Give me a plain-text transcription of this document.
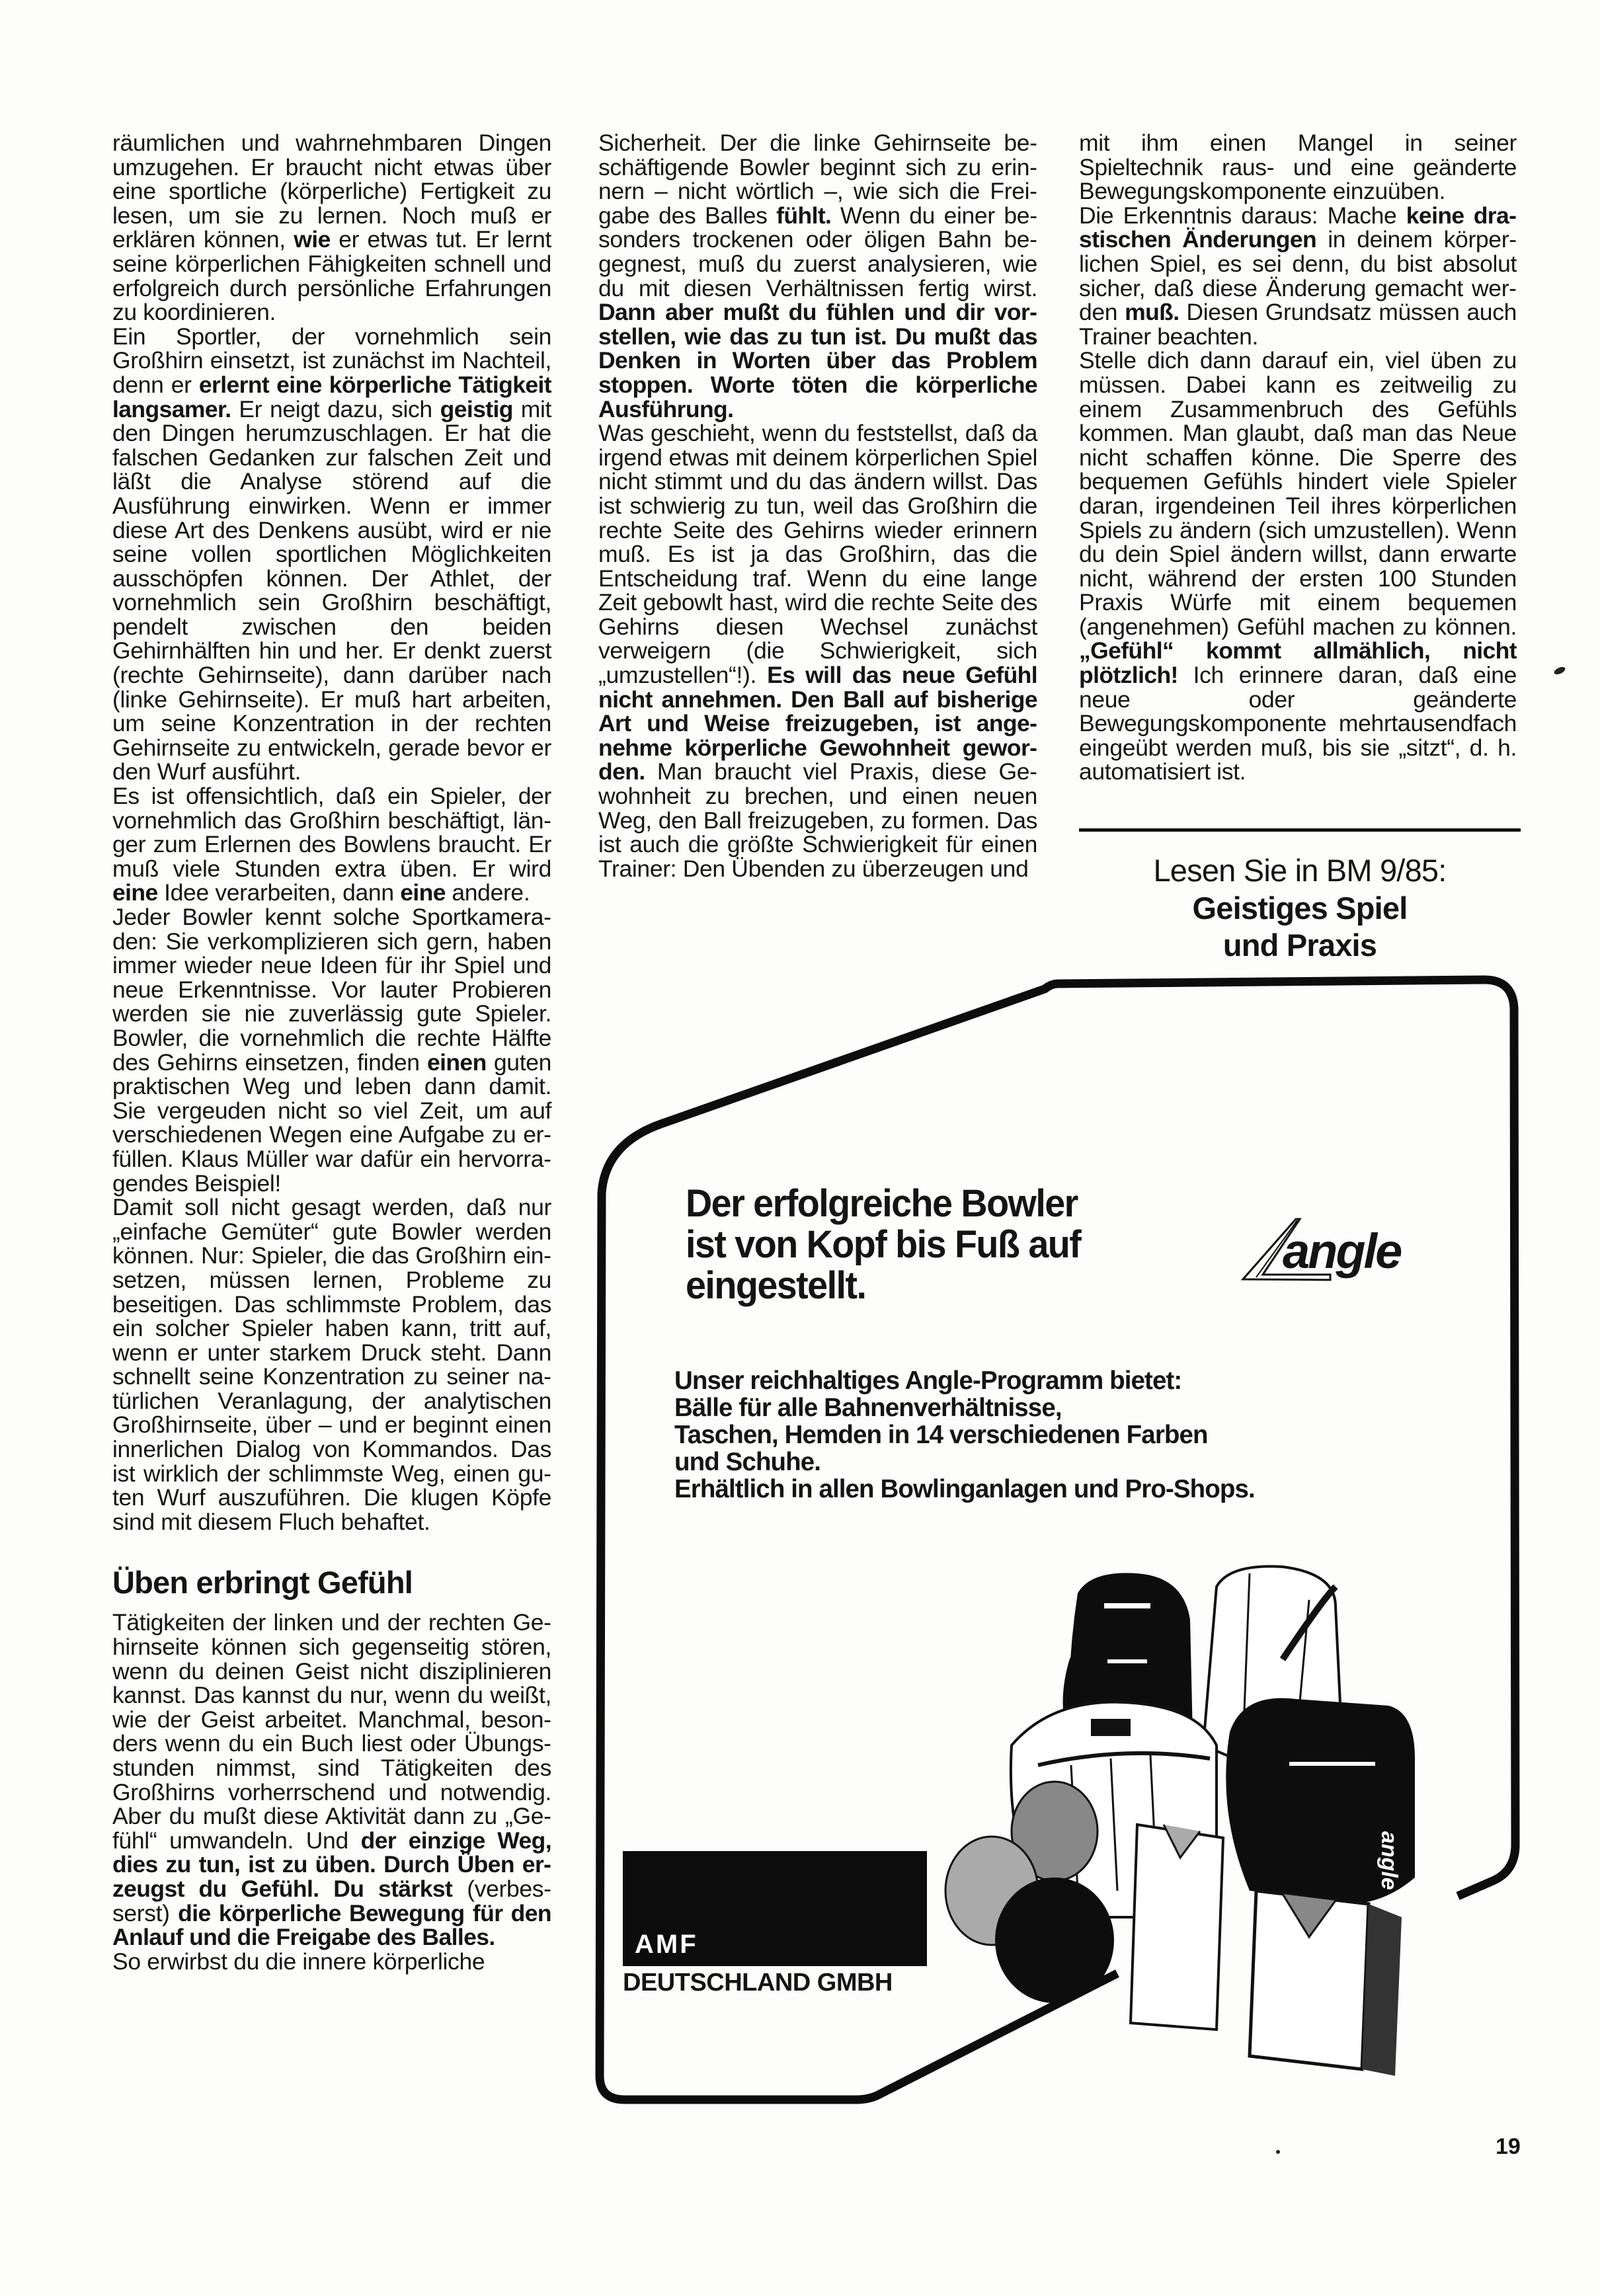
räumlichen und wahrnehmbaren Dingen umzugehen. Er braucht nicht etwas über eine sportliche (körperliche) Fertigkeit zu lesen, um sie zu lernen. Noch muß er erklären können, wie er etwas tut. Er lernt seine körperlichen Fähigkeiten schnell und erfolgreich durch persönliche Erfahrungen zu koordinieren.

Ein Sportler, der vornehmlich sein Großhirn einsetzt, ist zunächst im Nachteil, denn er erlernt eine körperliche Tätigkeit langsamer. Er neigt dazu, sich geistig mit den Dingen herumzuschlagen. Er hat die falschen Gedanken zur falschen Zeit und läßt die Analyse störend auf die Ausführung einwirken. Wenn er immer diese Art des Denkens ausübt, wird er nie seine vollen sportlichen Möglichkeiten ausschöpfen können. Der Athlet, der vornehmlich sein Großhirn beschäftigt, pendelt zwischen den beiden Gehirnhälften hin und her. Er denkt zuerst (rechte Gehirnseite), dann darüber nach (linke Gehirnseite). Er muß hart arbeiten, um seine Konzentration in der rechten Gehirnseite zu entwickeln, gerade bevor er den Wurf ausführt.

Es ist offensichtlich, daß ein Spieler, der vornehmlich das Großhirn beschäftigt, länger zum Erlernen des Bowlens braucht. Er muß viele Stunden extra üben. Er wird eine Idee verarbeiten, dann eine andere.

Jeder Bowler kennt solche Sportkameraden: Sie verkomplizieren sich gern, haben immer wieder neue Ideen für ihr Spiel und neue Erkenntnisse. Vor lauter Probieren werden sie nie zuverlässig gute Spieler. Bowler, die vornehmlich die rechte Hälfte des Gehirns einsetzen, finden einen guten praktischen Weg und leben dann damit. Sie vergeuden nicht so viel Zeit, um auf verschiedenen Wegen eine Aufgabe zu erfüllen. Klaus Müller war dafür ein hervorragendes Beispiel!

Damit soll nicht gesagt werden, daß nur „einfache Gemüter“ gute Bowler werden können. Nur: Spieler, die das Großhirn einsetzen, müssen lernen, Probleme zu beseitigen. Das schlimmste Problem, das ein solcher Spieler haben kann, tritt auf, wenn er unter starkem Druck steht. Dann schnellt seine Konzentration zu seiner natürlichen Veranlagung, der analytischen Großhirnseite, über – und er beginnt einen innerlichen Dialog von Kommandos. Das ist wirklich der schlimmste Weg, einen guten Wurf auszuführen. Die klugen Köpfe sind mit diesem Fluch behaftet.

Üben erbringt Gefühl

Tätigkeiten der linken und der rechten Gehirnseite können sich gegenseitig stören, wenn du deinen Geist nicht disziplinieren kannst. Das kannst du nur, wenn du weißt, wie der Geist arbeitet. Manchmal, besonders wenn du ein Buch liest oder Übungsstunden nimmst, sind Tätigkeiten des Großhirns vorherrschend und notwendig. Aber du mußt diese Aktivität dann zu „Gefühl“ umwandeln. Und der einzige Weg, dies zu tun, ist zu üben. Durch Üben erzeugst du Gefühl. Du stärkst (verbesserst) die körperliche Bewegung für den Anlauf und die Freigabe des Balles.

So erwirbst du die innere körperliche

Sicherheit. Der die linke Gehirnseite beschäftigende Bowler beginnt sich zu erinnern – nicht wörtlich –, wie sich die Freigabe des Balles fühlt. Wenn du einer besonders trockenen oder öligen Bahn begegnest, muß du zuerst analysieren, wie du mit diesen Verhältnissen fertig wirst. Dann aber mußt du fühlen und dir vorstellen, wie das zu tun ist. Du mußt das Denken in Worten über das Problem stoppen. Worte töten die körperliche Ausführung.

Was geschieht, wenn du feststellst, daß da irgend etwas mit deinem körperlichen Spiel nicht stimmt und du das ändern willst. Das ist schwierig zu tun, weil das Großhirn die rechte Seite des Gehirns wieder erinnern muß. Es ist ja das Großhirn, das die Entscheidung traf. Wenn du eine lange Zeit gebowlt hast, wird die rechte Seite des Gehirns diesen Wechsel zunächst verweigern (die Schwierigkeit, sich „umzustellen“!). Es will das neue Gefühl nicht annehmen. Den Ball auf bisherige Art und Weise freizugeben, ist angenehme körperliche Gewohnheit geworden. Man braucht viel Praxis, diese Gewohnheit zu brechen, und einen neuen Weg, den Ball freizugeben, zu formen. Das ist auch die größte Schwierigkeit für einen Trainer: Den Übenden zu überzeugen und

mit ihm einen Mangel in seiner Spieltechnik raus- und eine geänderte Bewegungskomponente einzuüben.

Die Erkenntnis daraus: Mache keine drastischen Änderungen in deinem körperlichen Spiel, es sei denn, du bist absolut sicher, daß diese Änderung gemacht werden muß. Diesen Grundsatz müssen auch Trainer beachten.

Stelle dich dann darauf ein, viel üben zu müssen. Dabei kann es zeitweilig zu einem Zusammenbruch des Gefühls kommen. Man glaubt, daß man das Neue nicht schaffen könne. Die Sperre des bequemen Gefühls hindert viele Spieler daran, irgendeinen Teil ihres körperlichen Spiels zu ändern (sich umzustellen). Wenn du dein Spiel ändern willst, dann erwarte nicht, während der ersten 100 Stunden Praxis Würfe mit einem bequemen (angenehmen) Gefühl machen zu können. „Gefühl“ kommt allmählich, nicht plötzlich! Ich erinnere daran, daß eine neue oder geänderte Bewegungskomponente mehrtausendfach eingeübt werden muß, bis sie „sitzt“, d. h. automatisiert ist.

Lesen Sie in BM 9/85:
Geistiges Spiel
und Praxis
Der erfolgreiche Bowler
ist von Kopf bis Fuß auf
eingestellt.
angle
Unser reichhaltiges Angle-Programm bietet:
Bälle für alle Bahnenverhältnisse,
Taschen, Hemden in 14 verschiedenen Farben
und Schuhe.
Erhältlich in allen Bowlinganlagen und Pro-Shops.
angle
AMF
DEUTSCHLAND GMBH
19
